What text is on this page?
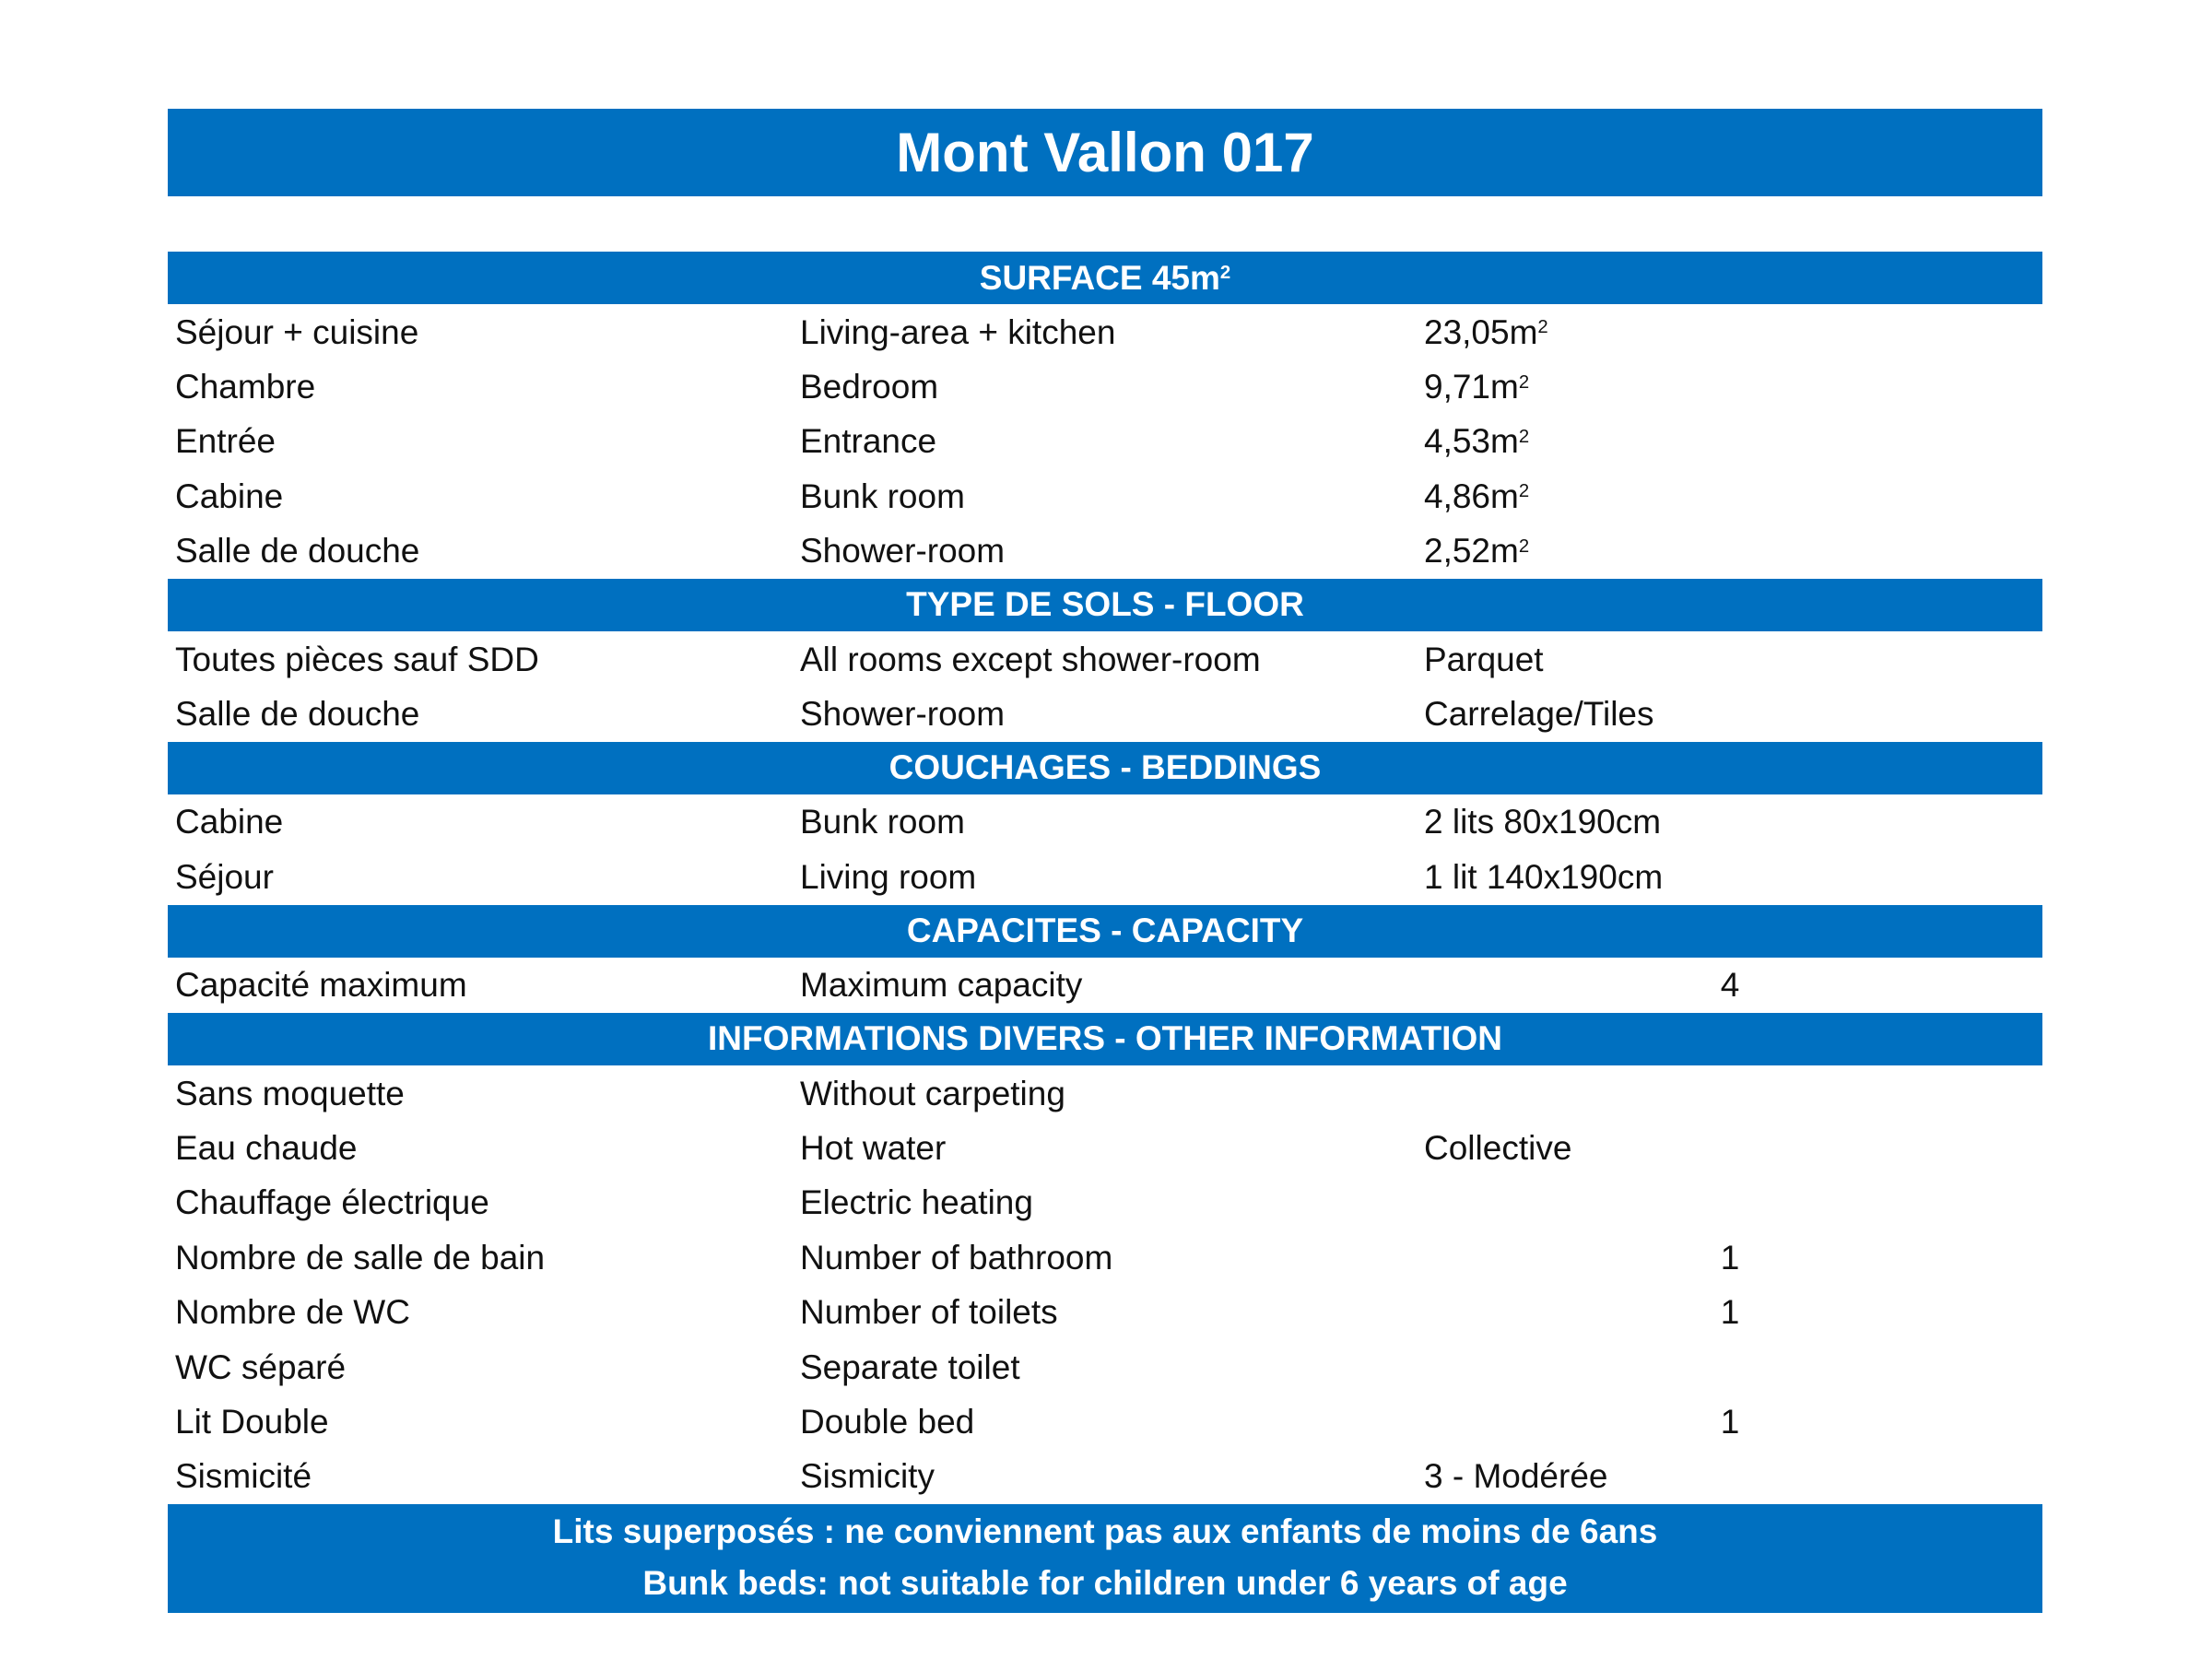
Mont Vallon 017
SURFACE $45m^2$
Séjour + cuisine	Living-area + kitchen	$23,05m^2$
Chambre	Bedroom	$9,71m^2$
Entrée	Entrance	$4,53m^2$
Cabine	Bunk room	$4,86m^2$
Salle de douche	Shower-room	$2,52m^2$
TYPE DE SOLS - FLOOR
Toutes pièces sauf SDD	All rooms except shower-room	Parquet
Salle de douche	Shower-room	Carrelage/Tiles
COUCHAGES - BEDDINGS
Cabine	Bunk room	2 lits 80x190cm
Séjour	Living room	1 lit 140x190cm
CAPACITES - CAPACITY
Capacité maximum	Maximum capacity	4
INFORMATIONS DIVERS - OTHER INFORMATION
Sans moquette	Without carpeting
Eau chaude	Hot water	Collective
Chauffage électrique	Electric heating
Nombre de salle de bain	Number of bathroom	1
Nombre de WC	Number of toilets	1
WC séparé	Separate toilet
Lit Double	Double bed	1
Sismicité	Sismicity	3 - Modérée
Lits superposés : ne conviennent pas aux enfants de moins de 6ans
Bunk beds: not suitable for children under 6 years of age
